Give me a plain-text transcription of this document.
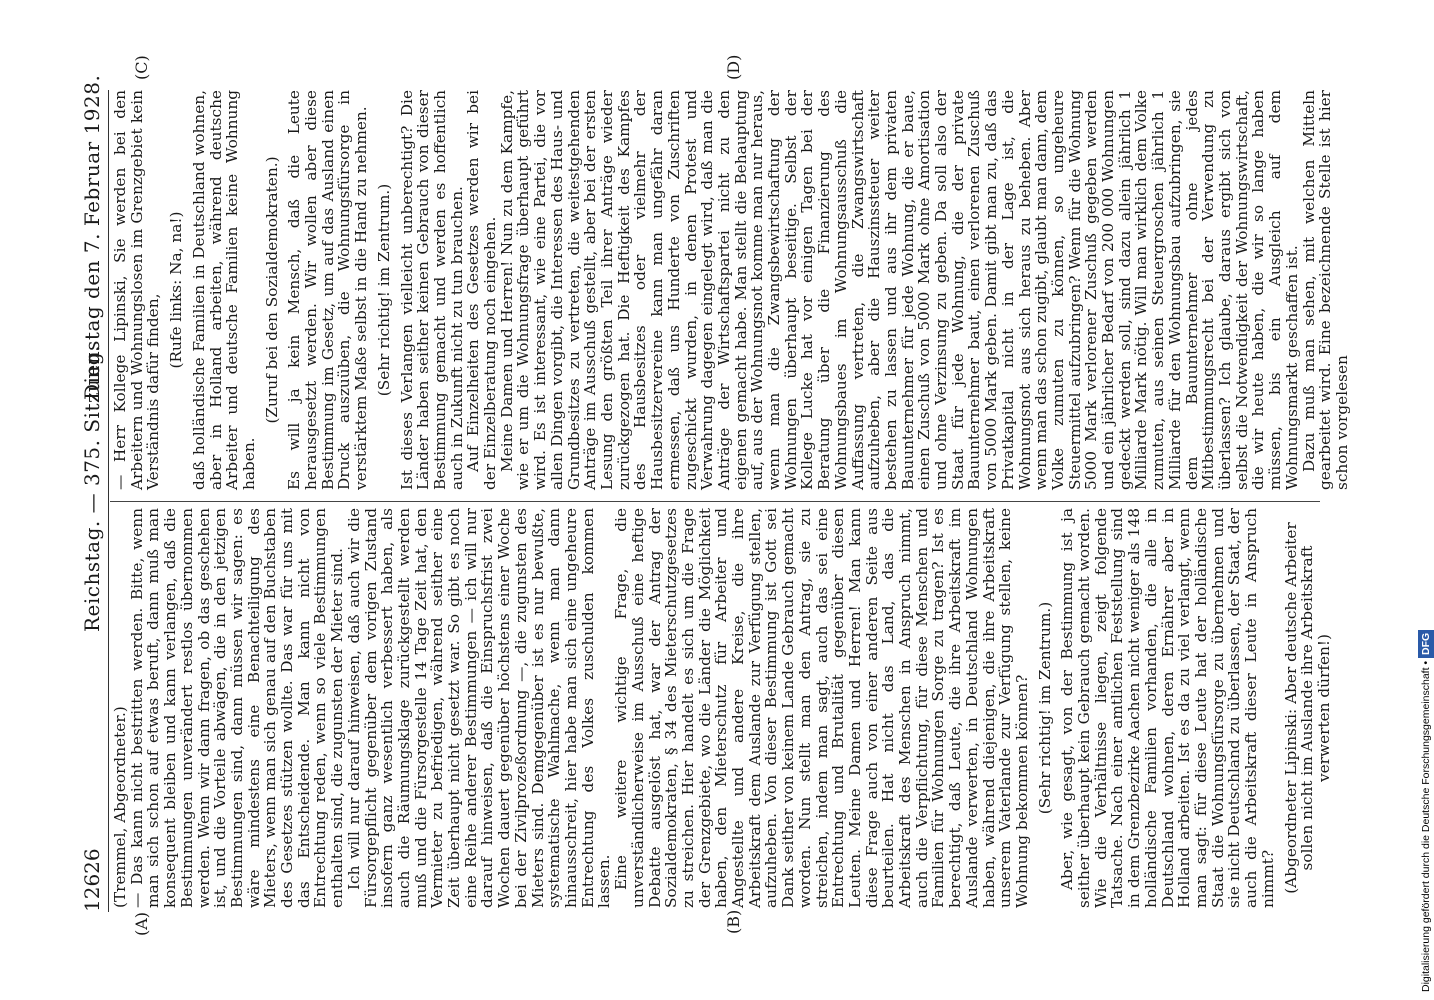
12626
Reichstag. — 375. Sitzung.
Dienstag den 7. Februar 1928.
(A)	(B)
(C)	(D)

(Tremmel, Abgeordneter.)

— Das kann nicht bestritten werden. Bitte, wenn man sich schon auf etwas beruft, dann muß man konsequent bleiben und kann verlangen, daß die Bestimmungen unverändert restlos übernommen werden. Wenn wir dann fragen, ob das geschehen ist, und die Vorteile abwägen, die in den jetzigen Bestimmungen sind, dann müssen wir sagen: es wäre mindestens eine Benachteiligung des Mieters, wenn man sich genau auf den Buchstaben des Gesetzes stützen wollte. Das war für uns mit das Entscheidende. Man kann nicht von Entrechtung reden, wenn so viele Bestimmungen enthalten sind, die zugunsten der Mieter sind.

Ich will nur darauf hinweisen, daß auch wir die Fürsorgepflicht gegenüber dem vorigen Zustand insofern ganz wesentlich verbessert haben, als auch die Räumungsklage zurückgestellt werden muß und die Fürsorgestelle 14 Tage Zeit hat, den Vermieter zu befriedigen, während seither eine Zeit überhaupt nicht gesetzt war. So gibt es noch eine Reihe anderer Bestimmungen — ich will nur darauf hinweisen, daß die Einspruchsfrist zwei Wochen dauert gegenüber höchstens einer Woche bei der Zivilprozeßordnung —, die zugunsten des Mieters sind. Demgegenüber ist es nur bewußte, systematische Wahlmache, wenn man dann hinausschreit, hier habe man sich eine ungeheure Entrechtung des Volkes zuschulden kommen lassen.

Eine weitere wichtige Frage, die unverständlicherweise im Ausschuß eine heftige Debatte ausgelöst hat, war der Antrag der Sozialdemokraten, § 34 des Mieterschutzgesetzes zu streichen. Hier handelt es sich um die Frage der Grenzgebiete, wo die Länder die Möglichkeit haben, den Mieterschutz für Arbeiter und Angestellte und andere Kreise, die ihre Arbeitskraft dem Auslande zur Verfügung stellen, aufzuheben. Von dieser Bestimmung ist Gott sei Dank seither von keinem Lande Gebrauch gemacht worden. Nun stellt man den Antrag, sie zu streichen, indem man sagt, auch das sei eine Entrechtung und Brutalität gegenüber diesen Leuten. Meine Damen und Herren! Man kann diese Frage auch von einer anderen Seite aus beurteilen. Hat nicht das Land, das die Arbeitskraft des Menschen in Anspruch nimmt, auch die Verpflichtung, für diese Menschen und Familien für Wohnungen Sorge zu tragen? Ist es berechtigt, daß Leute, die ihre Arbeitskraft im Auslande verwerten, in Deutschland Wohnungen haben, während diejenigen, die ihre Arbeitskraft unserem Vaterlande zur Verfügung stellen, keine Wohnung bekommen können? (Sehr richtig! im Zentrum.) Aber, wie gesagt, von der Bestimmung ist ja seither überhaupt kein Gebrauch gemacht worden. Wie die Verhältnisse liegen, zeigt folgende Tatsache. Nach einer amtlichen Feststellung sind in dem Grenzbezirke Aachen nicht weniger als 148 holländische Familien vorhanden, die alle in Deutschland wohnen, deren Ernährer aber in Holland arbeiten. Ist es da zu viel verlangt, wenn man sagt: für diese Leute hat der holländische Staat die Wohnungsfürsorge zu übernehmen und sie nicht Deutschland zu überlassen, der Staat, der auch die Arbeitskraft dieser Leute in Anspruch nimmt? (Abgeordneter Lipinski: Aber deutsche Arbeiter sollen nicht im Auslande ihre Arbeitskraft verwerten dürfen!)

— Herr Kollege Lipinski, Sie werden bei den Arbeitern und Wohnungslosen im Grenzgebiet kein Verständnis dafür finden,

(Rufe links: Na, na!) daß holländische Familien in Deutschland wohnen, aber in Holland arbeiten, während deutsche Arbeiter und deutsche Familien keine Wohnung haben.

(Zuruf bei den Sozialdemokraten.) Es will ja kein Mensch, daß die Leute herausgesetzt werden. Wir wollen aber diese Bestimmung im Gesetz, um auf das Ausland einen Druck auszuüben, die Wohnungsfürsorge in verstärktem Maße selbst in die Hand zu nehmen. (Sehr richtig! im Zentrum.) Ist dieses Verlangen vielleicht unberechtigt? Die Länder haben seither keinen Gebrauch von dieser Bestimmung gemacht und werden es hoffentlich auch in Zukunft nicht zu tun brauchen.

Auf Einzelheiten des Gesetzes werden wir bei der Einzelberatung noch eingehen.

Meine Damen und Herren! Nun zu dem Kampfe, wie er um die Wohnungsfrage überhaupt geführt wird. Es ist interessant, wie eine Partei, die vor allen Dingen vorgibt, die Interessen des Haus- und Grundbesitzes zu vertreten, die weitestgehenden Anträge im Ausschuß gestellt, aber bei der ersten Lesung den größten Teil ihrer Anträge wieder zurückgezogen hat. Die Heftigkeit des Kampfes des Hausbesitzes oder vielmehr der Hausbesitzervereine kann man ungefähr daran ermessen, daß uns Hunderte von Zuschriften zugeschickt wurden, in denen Protest und Verwahrung dagegen eingelegt wird, daß man die Anträge der Wirtschaftspartei nicht zu den eigenen gemacht habe. Man stellt die Behauptung auf, aus der Wohnungsnot komme man nur heraus, wenn man die Zwangsbewirtschaftung der Wohnungen überhaupt beseitige. Selbst der Kollege Lucke hat vor einigen Tagen bei der Beratung über die Finanzierung des Wohnungsbaues im Wohnungsausschuß die Auffassung vertreten, die Zwangswirtschaft aufzuheben, aber die Hauszinssteuer weiter bestehen zu lassen und aus ihr dem privaten Bauunternehmer für jede Wohnung, die er baue, einen Zuschuß von 5000 Mark ohne Amortisation und ohne Verzinsung zu geben. Da soll also der Staat für jede Wohnung, die der private Bauunternehmer baut, einen verlorenen Zuschuß von 5000 Mark geben. Damit gibt man zu, daß das Privatkapital nicht in der Lage ist, die Wohnungsnot aus sich heraus zu beheben. Aber wenn man das schon zugibt, glaubt man dann, dem Volke zumuten zu können, so ungeheure Steuermittel aufzubringen? Wenn für die Wohnung 5000 Mark verlorener Zuschuß gegeben werden und ein jährlicher Bedarf von 200 000 Wohnungen gedeckt werden soll, sind dazu allein jährlich 1 Milliarde Mark nötig. Will man wirklich dem Volke zumuten, aus seinen Steuergroschen jährlich 1 Milliarde für den Wohnungsbau aufzubringen, sie dem Bauunternehmer ohne jedes Mitbestimmungsrecht bei der Verwendung zu überlassen? Ich glaube, daraus ergibt sich von selbst die Notwendigkeit der Wohnungswirtschaft, die wir heute haben, die wir so lange haben müssen, bis ein Ausgleich auf dem Wohnungsmarkt geschaffen ist.

Dazu muß man sehen, mit welchen Mitteln gearbeitet wird. Eine bezeichnende Stelle ist hier schon vorgelesen

Digitalisierung gefördert durch die Deutsche Forschungsgemeinschaft • DFG
